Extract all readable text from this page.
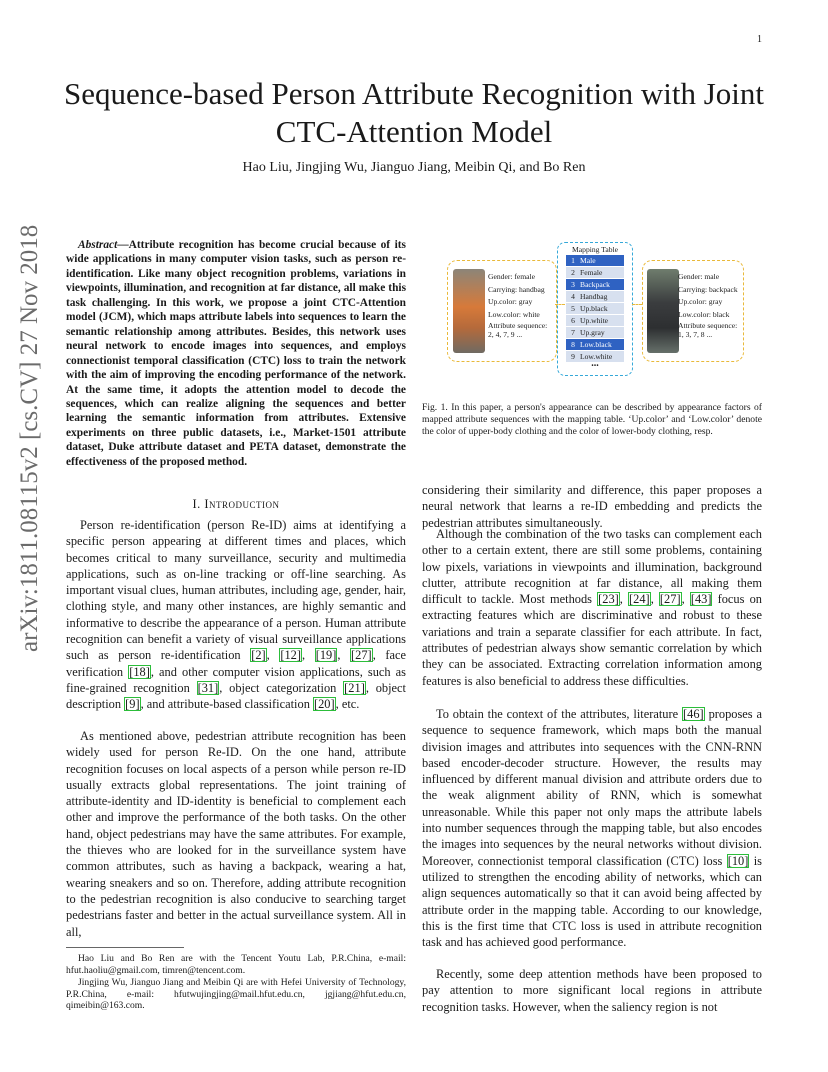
1
arXiv:1811.08115v2 [cs.CV] 27 Nov 2018
Sequence-based Person Attribute Recognition with Joint CTC-Attention Model
Hao Liu, Jingjing Wu, Jianguo Jiang, Meibin Qi, and Bo Ren
Abstract—Attribute recognition has become crucial because of its wide applications in many computer vision tasks, such as person re-identification. Like many object recognition problems, variations in viewpoints, illumination, and recognition at far distance, all make this task challenging. In this work, we propose a joint CTC-Attention model (JCM), which maps attribute labels into sequences to learn the semantic relationship among attributes. Besides, this network uses neural network to encode images into sequences, and employs connectionist temporal classification (CTC) loss to train the network with the aim of improving the encoding performance of the network. At the same time, it adopts the attention model to decode the sequences, which can realize aligning the sequences and better learning the semantic information from attributes. Extensive experiments on three public datasets, i.e., Market-1501 attribute dataset, Duke attribute dataset and PETA dataset, demonstrate the effectiveness of the proposed method.
I. Introduction
Person re-identification (person Re-ID) aims at identifying a specific person appearing at different times and places, which becomes critical to many surveillance, security and multimedia applications, such as on-line tracking or off-line searching. As important visual clues, human attributes, including age, gender, hair, clothing style, and many other instances, are highly semantic and informative to describe the appearance of a person. Human attribute recognition can benefit a variety of visual surveillance applications such as person re-identification [2], [12], [19], [27], face verification [18], and other computer vision applications, such as fine-grained recognition [31], object categorization [21], object description [9], and attribute-based classification [20], etc.
As mentioned above, pedestrian attribute recognition has been widely used for person Re-ID. On the one hand, attribute recognition focuses on local aspects of a person while person re-ID usually extracts global representations. The joint training of attribute-identity and ID-identity is beneficial to complement each other and improve the performance of the both tasks. On the other hand, object pedestrians may have the same attributes. For example, the thieves who are looked for in the surveillance system have common attributes, such as having a backpack, wearing a hat, wearing sneakers and so on. Therefore, adding attribute recognition to the pedestrian recognition is also conducive to searching target pedestrians faster and better in the actual surveillance system. All in all,
Hao Liu and Bo Ren are with the Tencent Youtu Lab, P.R.China, e-mail: hfut.haoliu@gmail.com, timren@tencent.com.
Jingjing Wu, Jianguo Jiang and Meibin Qi are with Hefei University of Technology, P.R.China, e-mail: hfutwujingjing@mail.hfut.edu.cn, jgjiang@hfut.edu.cn, qimeibin@163.com.
Gender: female
Carrying: handbag
Up.color: gray
Low.color: white
Attribute sequence:
2, 4, 7, 9 ...
Mapping Table
1 Male
2 Female
3 Backpack
4 Handbag
5 Up.black
6 Up.white
7 Up.gray
8 Low.black
9 Low.white
...
Gender: male
Carrying: backpack
Up.color: gray
Low.color: black
Attribute sequence:
1, 3, 7, 8 ...
Fig. 1. In this paper, a person's appearance can be described by appearance factors of mapped attribute sequences with the mapping table. ‘Up.color’ and ‘Low.color’ denote the color of upper-body clothing and the color of lower-body clothing, resp.
considering their similarity and difference, this paper proposes a neural network that learns a re-ID embedding and predicts the pedestrian attributes simultaneously.
Although the combination of the two tasks can complement each other to a certain extent, there are still some problems, containing low pixels, variations in viewpoints and illumination, background clutter, attribute recognition at far distance, all making them difficult to tackle. Most methods [23], [24], [27], [43] focus on extracting features which are discriminative and robust to these variations and train a separate classifier for each attribute. In fact, attributes of pedestrian always show semantic correlation by which they can be associated. Extracting correlation information among features is also beneficial to address these difficulties.
To obtain the context of the attributes, literature [46] proposes a sequence to sequence framework, which maps both the manual division images and attributes into sequences with the CNN-RNN based encoder-decoder structure. However, the results may influenced by different manual division and attribute orders due to the weak alignment ability of RNN, which is somewhat unreasonable. While this paper not only maps the attribute labels into number sequences through the mapping table, but also encodes the images into sequences by the neural networks without division. Moreover, connectionist temporal classification (CTC) loss [10] is utilized to strengthen the encoding ability of networks, which can align sequences automatically so that it can avoid being affected by attribute order in the mapping table. According to our knowledge, this is the first time that CTC loss is used in attribute recognition task and has achieved good performance.
Recently, some deep attention methods have been proposed to pay attention to more significant local regions in attribute recognition tasks. However, when the saliency region is not
